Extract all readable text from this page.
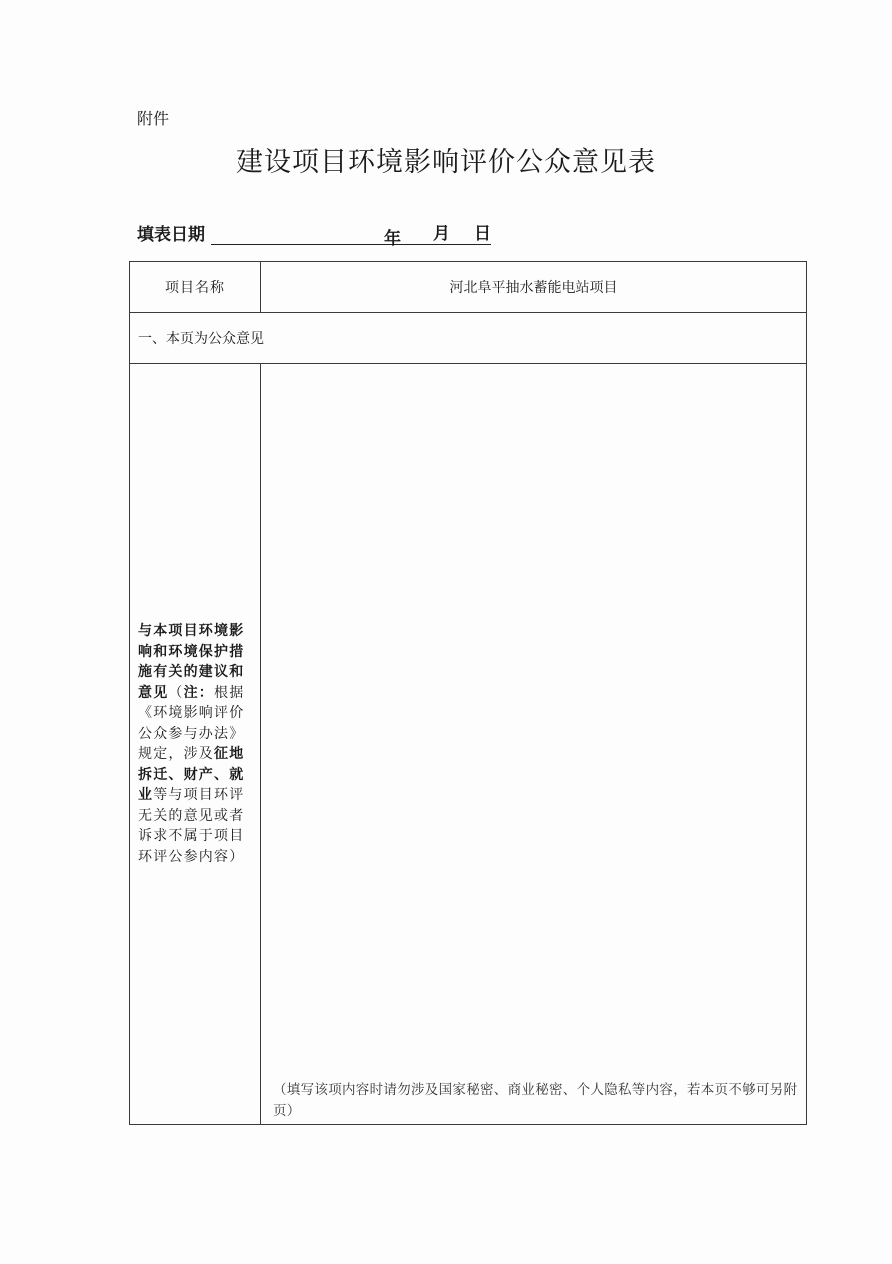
附件
建设项目环境影响评价公众意见表
填表日期	年	月 日
项目名称	河北阜平抽水蓄能电站项目
一、本页为公众意见	
与本项目环境影响和环境保护措施有关的建议和意见（注：根据《环境影响评价公众参与办法》规定，涉及征地拆迁、财产、就业等与项目环评无关的意见或者诉求不属于项目环评公参内容）	（填写该项内容时请勿涉及国家秘密、商业秘密、个人隐私等内容，若本页不够可另附页）
